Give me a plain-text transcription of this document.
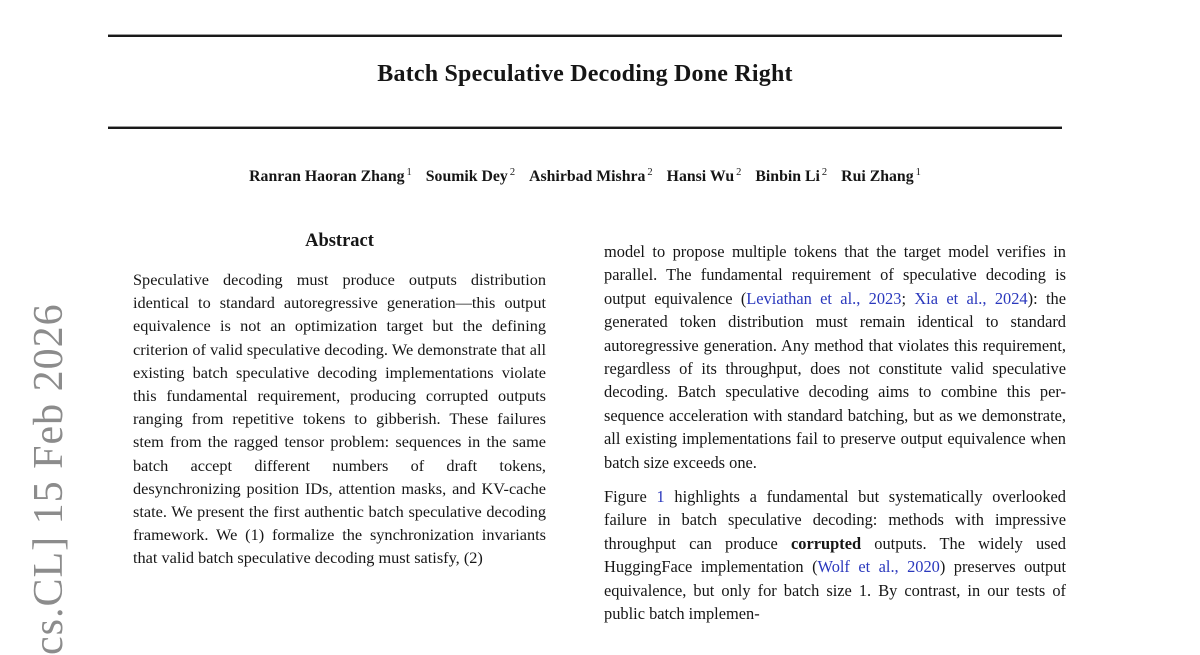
cs.CL] 15 Feb 2026
Batch Speculative Decoding Done Right
Ranran Haoran Zhang $^1$ Soumik Dey $^2$ Ashirbad Mishra $^2$ Hansi Wu $^2$ Binbin Li $^2$ Rui Zhang $^1$
Abstract

Speculative decoding must produce outputs distribution identical to standard autoregressive generation—this output equivalence is not an optimization target but the defining criterion of valid speculative decoding. We demonstrate that all existing batch speculative decoding implementations violate this fundamental requirement, producing corrupted outputs ranging from repetitive tokens to gibberish. These failures stem from the ragged tensor problem: sequences in the same batch accept different numbers of draft tokens, desynchronizing position IDs, attention masks, and KV-cache state. We present the first authentic batch speculative decoding framework. We (1) formalize the synchronization invariants that valid batch speculative decoding must satisfy, (2)

model to propose multiple tokens that the target model verifies in parallel. The fundamental requirement of speculative decoding is output equivalence (Leviathan et al., 2023; Xia et al., 2024): the generated token distribution must remain identical to standard autoregressive generation. Any method that violates this requirement, regardless of its throughput, does not constitute valid speculative decoding. Batch speculative decoding aims to combine this per-sequence acceleration with standard batching, but as we demonstrate, all existing implementations fail to preserve output equivalence when batch size exceeds one.

Figure 1 highlights a fundamental but systematically overlooked failure in batch speculative decoding: methods with impressive throughput can produce corrupted outputs. The widely used HuggingFace implementation (Wolf et al., 2020) preserves output equivalence, but only for batch size 1. By contrast, in our tests of public batch implemen-
